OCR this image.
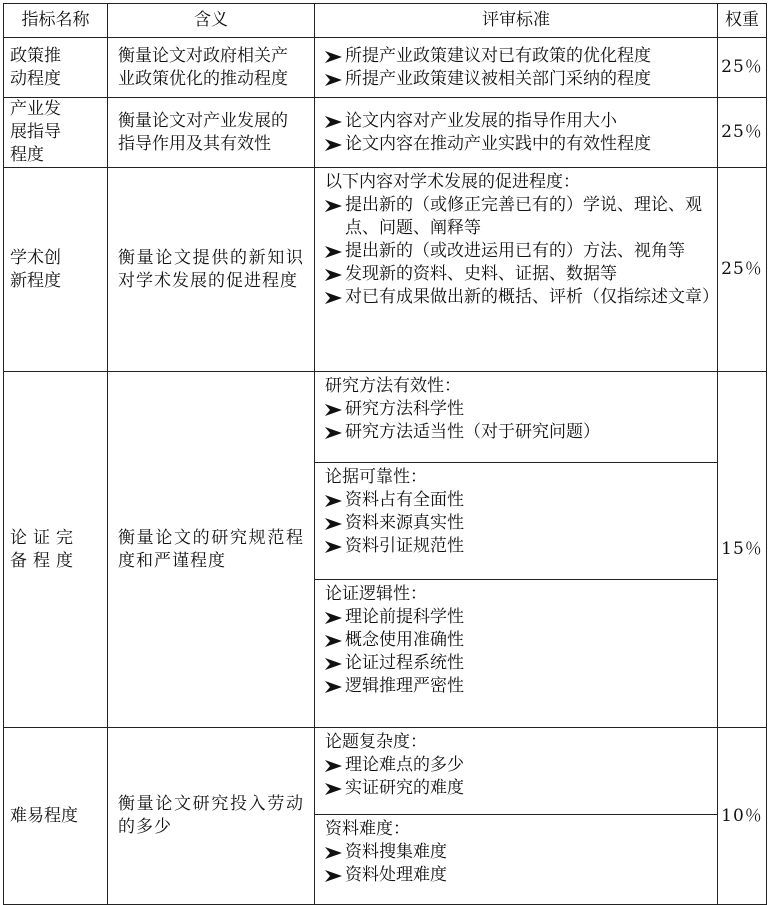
指标名称	含义	评审标准	权重

政策推动程度	衡量论文对政府相关产业政策优化的推动程度	所提产业政策建议对已有政策的优化程度
所提产业政策建议被相关部门采纳的程度	25％

产业发展指导程度	衡量论文对产业发展的指导作用及其有效性	论文内容对产业发展的指导作用大小
论文内容在推动产业实践中的有效性程度	25％

学术创新程度	衡量论文提供的新知识对学术发展的促进程度	以下内容对学术发展的促进程度：
提出新的（或修正完善已有的）学说、理论、观点、问题、阐释等
提出新的（或改进运用已有的）方法、视角等
发现新的资料、史料、证据、数据等
对已有成果做出新的概括、评析（仅指综述文章）	25％

论证完备程度	衡量论文的研究规范程度和严谨程度	研究方法有效性：
研究方法科学性
研究方法适当性（对于研究问题）	15％

		论据可靠性：
资料占有全面性
资料来源真实性
资料引证规范性	

		论证逻辑性：
理论前提科学性
概念使用准确性
论证过程系统性
逻辑推理严密性	

难易程度	衡量论文研究投入劳动的多少	论题复杂度：
理论难点的多少
实证研究的难度	10％

		资料难度：
资料搜集难度
资料处理难度	
